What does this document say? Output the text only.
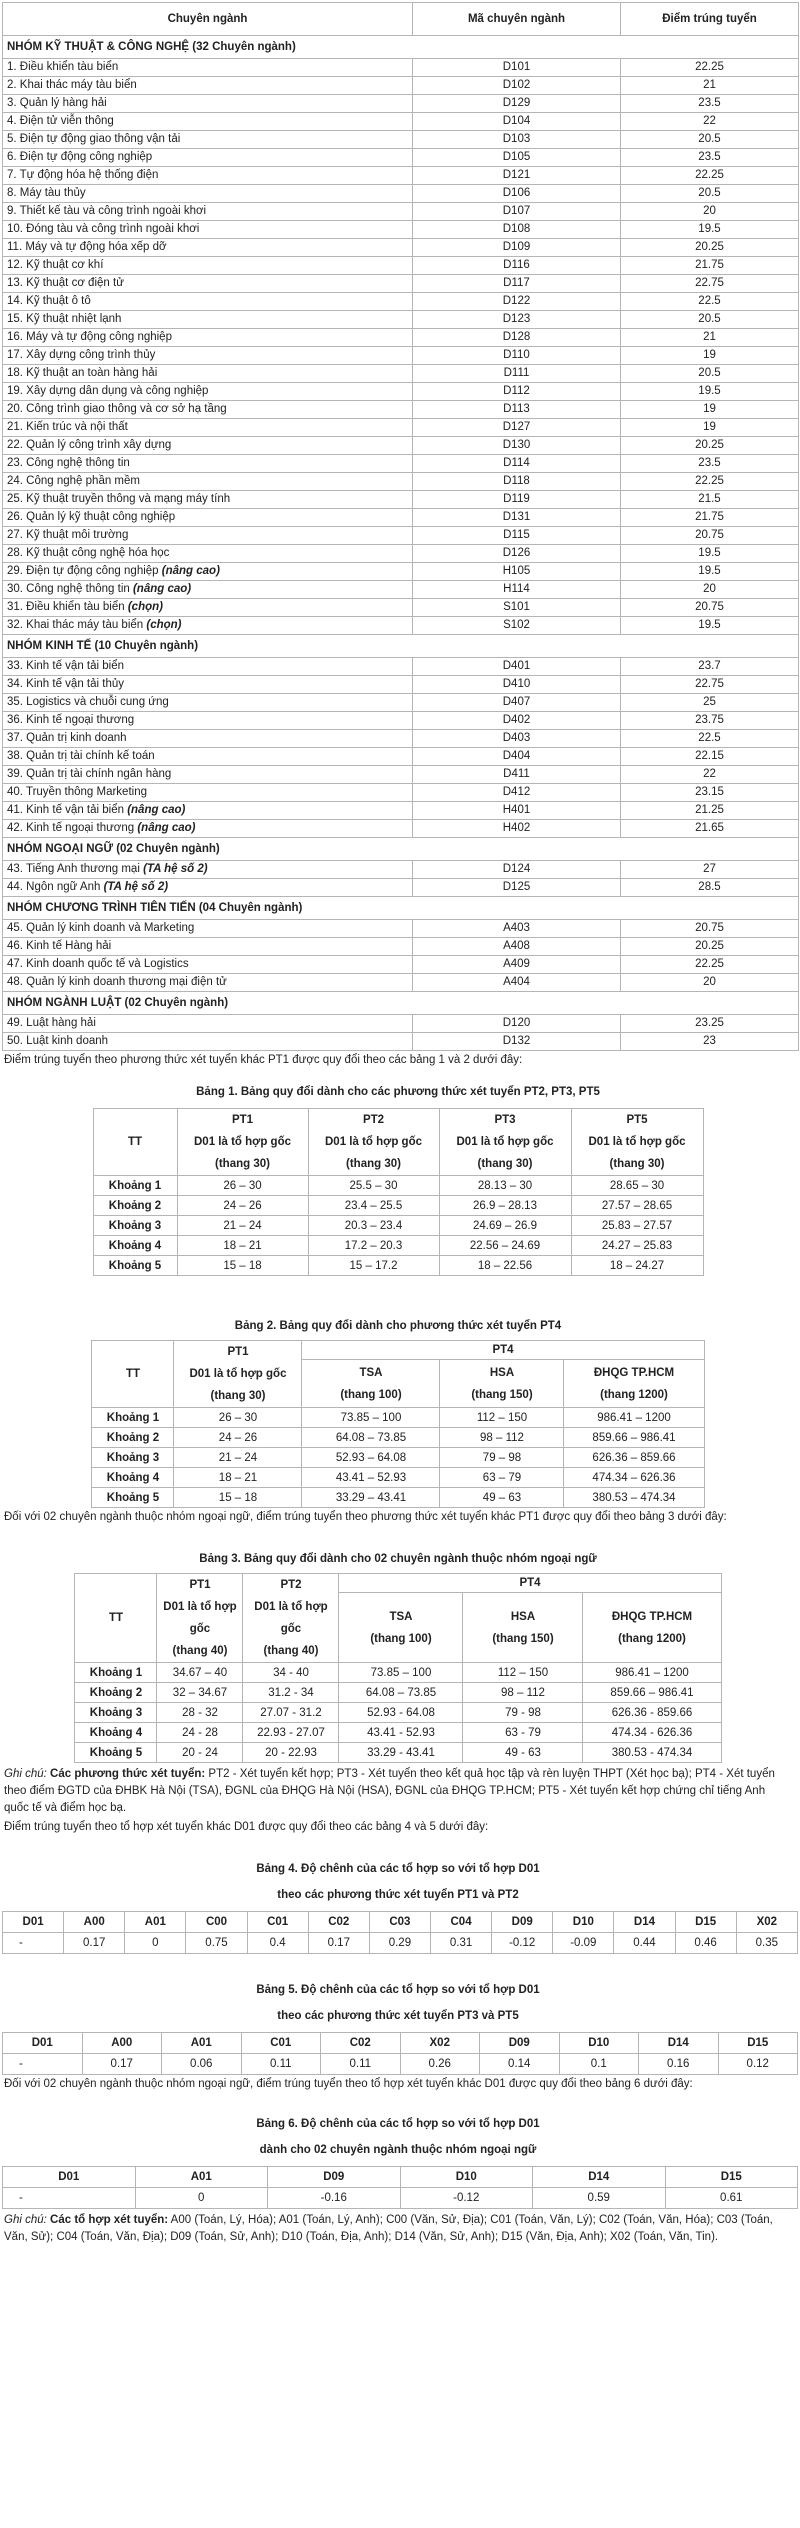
Chuyên ngành	Mã chuyên ngành	Điểm trúng tuyển
NHÓM KỸ THUẬT & CÔNG NGHỆ (32 Chuyên ngành)		
1. Điều khiển tàu biển	D101	22.25
2. Khai thác máy tàu biển	D102	21
3. Quản lý hàng hải	D129	23.5
4. Điện tử viễn thông	D104	22
5. Điện tự động giao thông vận tải	D103	20.5
6. Điện tự động công nghiệp	D105	23.5
7. Tự động hóa hệ thống điện	D121	22.25
8. Máy tàu thủy	D106	20.5
9. Thiết kế tàu và công trình ngoài khơi	D107	20
10. Đóng tàu và công trình ngoài khơi	D108	19.5
11. Máy và tự động hóa xếp dỡ	D109	20.25
12. Kỹ thuật cơ khí	D116	21.75
13. Kỹ thuật cơ điện tử	D117	22.75
14. Kỹ thuật ô tô	D122	22.5
15. Kỹ thuật nhiệt lạnh	D123	20.5
16. Máy và tự động công nghiệp	D128	21
17. Xây dựng công trình thủy	D110	19
18. Kỹ thuật an toàn hàng hải	D111	20.5
19. Xây dựng dân dụng và công nghiệp	D112	19.5
20. Công trình giao thông và cơ sở hạ tầng	D113	19
21. Kiến trúc và nội thất	D127	19
22. Quản lý công trình xây dựng	D130	20.25
23. Công nghệ thông tin	D114	23.5
24. Công nghệ phần mềm	D118	22.25
25. Kỹ thuật truyền thông và mạng máy tính	D119	21.5
26. Quản lý kỹ thuật công nghiệp	D131	21.75
27. Kỹ thuật môi trường	D115	20.75
28. Kỹ thuật công nghệ hóa học	D126	19.5
29. Điện tự động công nghiệp (nâng cao)	H105	19.5
30. Công nghệ thông tin (nâng cao)	H114	20
31. Điều khiển tàu biển (chọn)	S101	20.75
32. Khai thác máy tàu biển (chọn)	S102	19.5
NHÓM KINH TẾ (10 Chuyên ngành)		
33. Kinh tế vận tải biển	D401	23.7
34. Kinh tế vận tải thủy	D410	22.75
35. Logistics và chuỗi cung ứng	D407	25
36. Kinh tế ngoại thương	D402	23.75
37. Quản trị kinh doanh	D403	22.5
38. Quản trị tài chính kế toán	D404	22.15
39. Quản trị tài chính ngân hàng	D411	22
40. Truyền thông Marketing	D412	23.15
41. Kinh tế vận tải biển (nâng cao)	H401	21.25
42. Kinh tế ngoại thương (nâng cao)	H402	21.65
NHÓM NGOẠI NGỮ (02 Chuyên ngành)		
43. Tiếng Anh thương mại (TA hệ số 2)	D124	27
44. Ngôn ngữ Anh (TA hệ số 2)	D125	28.5
NHÓM CHƯƠNG TRÌNH TIÊN TIẾN (04 Chuyên ngành)		
45. Quản lý kinh doanh và Marketing	A403	20.75
46. Kinh tế Hàng hải	A408	20.25
47. Kinh doanh quốc tế và Logistics	A409	22.25
48. Quản lý kinh doanh thương mại điện tử	A404	20
NHÓM NGÀNH LUẬT (02 Chuyên ngành)		
49. Luật hàng hải	D120	23.25
50. Luật kinh doanh	D132	23

Điểm trúng tuyển theo phương thức xét tuyển khác PT1 được quy đổi theo các bảng 1 và 2 dưới đây:

Bảng 1. Bảng quy đổi dành cho các phương thức xét tuyển PT2, PT3, PT5

TT	PT1
D01 là tổ hợp gốc
(thang 30)	PT2
D01 là tổ hợp gốc
(thang 30)	PT3
D01 là tổ hợp gốc
(thang 30)	PT5
D01 là tổ hợp gốc
(thang 30)

Khoảng 1	26 – 30	25.5 – 30	28.13 – 30	28.65 – 30
Khoảng 2	24 – 26	23.4 – 25.5	26.9 – 28.13	27.57 – 28.65
Khoảng 3	21 – 24	20.3 – 23.4	24.69 – 26.9	25.83 – 27.57
Khoảng 4	18 – 21	17.2 – 20.3	22.56 – 24.69	24.27 – 25.83
Khoảng 5	15 – 18	15 – 17.2	18 – 22.56	18 – 24.27

Bảng 2. Bảng quy đổi dành cho phương thức xét tuyển PT4

TT	PT1
D01 là tổ hợp gốc
(thang 30)	PT4		

		TSA
(thang 100)	HSA
(thang 150)	ĐHQG TP.HCM
(thang 1200)

Khoảng 1	26 – 30	73.85 – 100	112 – 150	986.41 – 1200
Khoảng 2	24 – 26	64.08 – 73.85	98 – 112	859.66 – 986.41
Khoảng 3	21 – 24	52.93 – 64.08	79 – 98	626.36 – 859.66
Khoảng 4	18 – 21	43.41 – 52.93	63 – 79	474.34 – 626.36
Khoảng 5	15 – 18	33.29 – 43.41	49 – 63	380.53 – 474.34

Đối với 02 chuyên ngành thuộc nhóm ngoại ngữ, điểm trúng tuyển theo phương thức xét tuyển khác PT1 được quy đổi theo bảng 3 dưới đây:

Bảng 3. Bảng quy đổi dành cho 02 chuyên ngành thuộc nhóm ngoại ngữ

TT	PT1
D01 là tổ hợp gốc
(thang 40)	PT2
D01 là tổ hợp gốc
(thang 40)	PT4		

			TSA
(thang 100)	HSA
(thang 150)	ĐHQG TP.HCM
(thang 1200)

Khoảng 1	34.67 – 40	34 - 40	73.85 – 100	112 – 150	986.41 – 1200
Khoảng 2	32 – 34.67	31.2 - 34	64.08 – 73.85	98 – 112	859.66 – 986.41
Khoảng 3	28 - 32	27.07 - 31.2	52.93 - 64.08	79 - 98	626.36 - 859.66
Khoảng 4	24 - 28	22.93 - 27.07	43.41 - 52.93	63 - 79	474.34 - 626.36
Khoảng 5	20 - 24	20 - 22.93	33.29 - 43.41	49 - 63	380.53 - 474.34

Ghi chú: Các phương thức xét tuyển: PT2 - Xét tuyển kết hợp; PT3 - Xét tuyển theo kết quả học tập và rèn luyện THPT (Xét học bạ); PT4 - Xét tuyển theo điểm ĐGTD của ĐHBK Hà Nội (TSA), ĐGNL của ĐHQG Hà Nội (HSA), ĐGNL của ĐHQG TP.HCM; PT5 - Xét tuyển kết hợp chứng chỉ tiếng Anh quốc tế và điểm học bạ.

Điểm trúng tuyển theo tổ hợp xét tuyển khác D01 được quy đổi theo các bảng 4 và 5 dưới đây:

Bảng 4. Độ chênh của các tổ hợp so với tổ hợp D01

theo các phương thức xét tuyển PT1 và PT2

D01	A00	A01	C00	C01	C02	C03	C04	D09	D10	D14	D15	X02
-	0.17	0	0.75	0.4	0.17	0.29	0.31	-0.12	-0.09	0.44	0.46	0.35

Bảng 5. Độ chênh của các tổ hợp so với tổ hợp D01

theo các phương thức xét tuyển PT3 và PT5

D01	A00	A01	C01	C02	X02	D09	D10	D14	D15
-	0.17	0.06	0.11	0.11	0.26	0.14	0.1	0.16	0.12

Đối với 02 chuyên ngành thuộc nhóm ngoại ngữ, điểm trúng tuyển theo tổ hợp xét tuyển khác D01 được quy đổi theo bảng 6 dưới đây:

Bảng 6. Độ chênh của các tổ hợp so với tổ hợp D01

dành cho 02 chuyên ngành thuộc nhóm ngoại ngữ

D01	A01	D09	D10	D14	D15
-	0	-0.16	-0.12	0.59	0.61

Ghi chú: Các tổ hợp xét tuyển: A00 (Toán, Lý, Hóa); A01 (Toán, Lý, Anh); C00 (Văn, Sử, Địa); C01 (Toán, Văn, Lý); C02 (Toán, Văn, Hóa); C03 (Toán, Văn, Sử); C04 (Toán, Văn, Địa); D09 (Toán, Sử, Anh); D10 (Toán, Địa, Anh); D14 (Văn, Sử, Anh); D15 (Văn, Địa, Anh); X02 (Toán, Văn, Tin).
